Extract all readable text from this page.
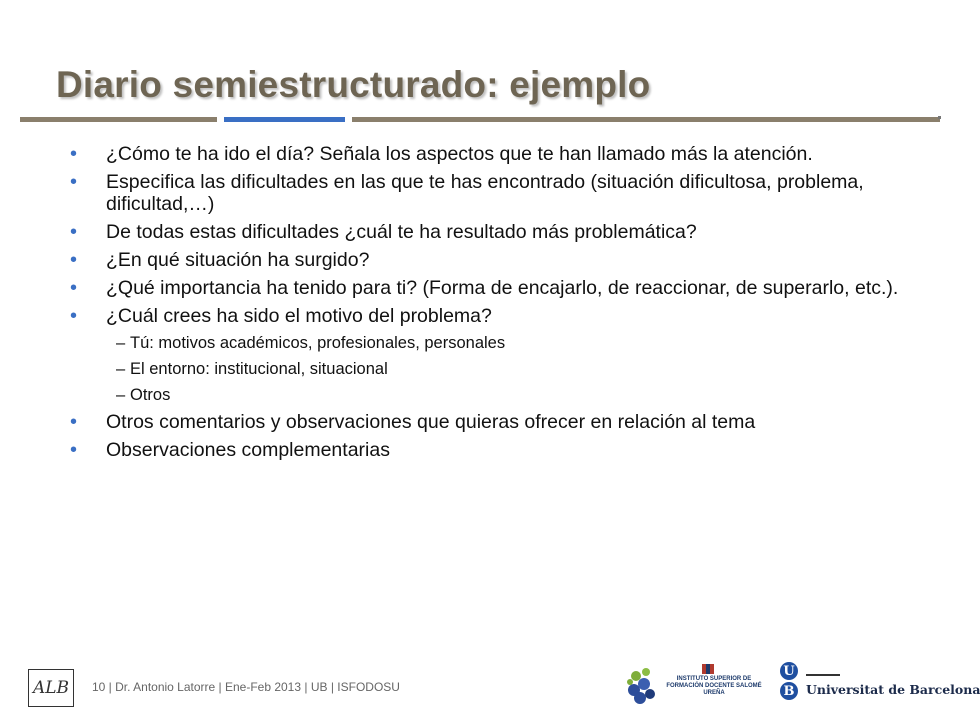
Diario semiestructurado: ejemplo
• ¿Cómo te ha ido el día? Señala los aspectos que te han llamado más la atención.
• Especifica las dificultades en las que te has encontrado (situación dificultosa, problema, dificultad,…)
• De todas estas dificultades ¿cuál te ha resultado más problemática?
• ¿En qué situación ha surgido?
• ¿Qué importancia ha tenido para ti? (Forma de encajarlo, de reaccionar, de superarlo, etc.).
• ¿Cuál crees ha sido el motivo del problema?
– Tú: motivos académicos, profesionales, personales
– El entorno: institucional, situacional
– Otros
• Otros comentarios y observaciones que quieras ofrecer en relación al tema
• Observaciones complementarias
ALB	10 | Dr. Antonio Latorre | Ene-Feb 2013 | UB | ISFODOSU
INSTITUTO SUPERIOR DE FORMACIÓN DOCENTE SALOMÉ UREÑA
U
B Universitat de Barcelona
